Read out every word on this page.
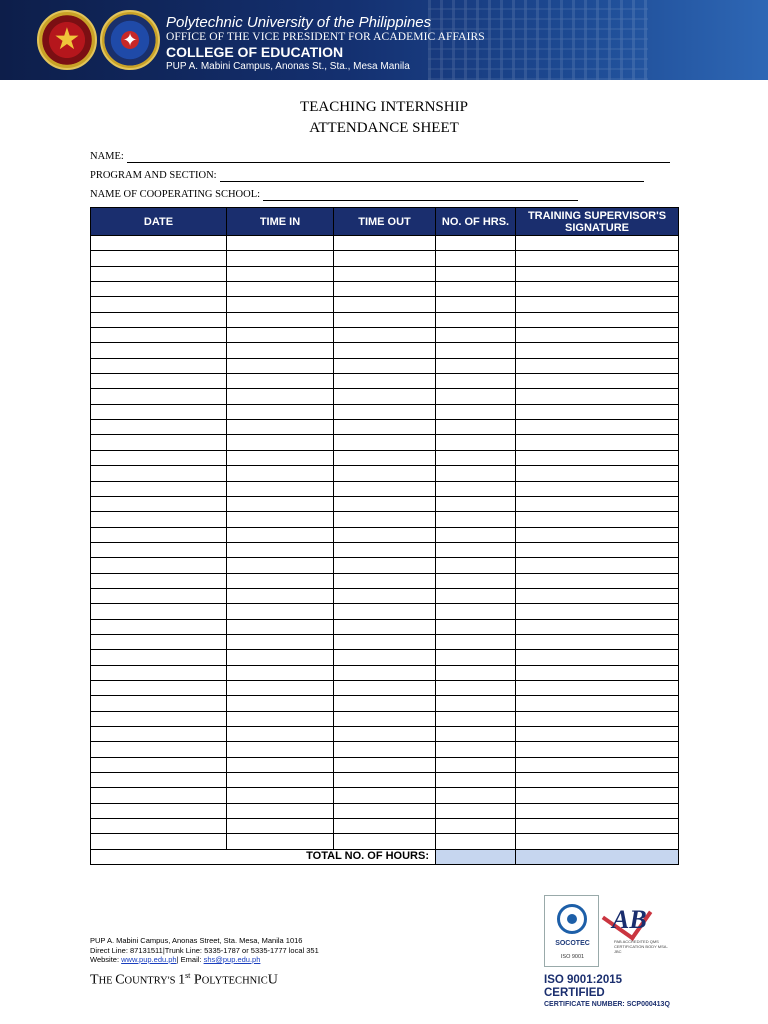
★	✦
Polytechnic University of the Philippines
OFFICE OF THE VICE PRESIDENT FOR ACADEMIC AFFAIRS
COLLEGE OF EDUCATION
PUP A. Mabini Campus, Anonas St., Sta., Mesa Manila
TEACHING INTERNSHIP
ATTENDANCE SHEET
NAME:
PROGRAM AND SECTION:
NAME OF COOPERATING SCHOOL:
DATE	TIME IN	TIME OUT	NO. OF HRS.	TRAINING SUPERVISOR'S SIGNATURE

TOTAL NO. OF HOURS:				
PUP A. Mabini Campus, Anonas Street, Sta. Mesa, Manila 1016
Direct Line: 87131511|Trunk Line: 5335-1787 or 5335-1777 local 351
Website: www.pup.edu.ph| Email: shs@pup.edu.ph
THE COUNTRY'S 1st POLYTECHNICU
SOCOTEC
ISO 9001
AB
PAB ACCREDITED QMS CERTIFICATION BODY MSA-JBC
ISO 9001:2015 CERTIFIED
CERTIFICATE NUMBER: SCP000413Q
